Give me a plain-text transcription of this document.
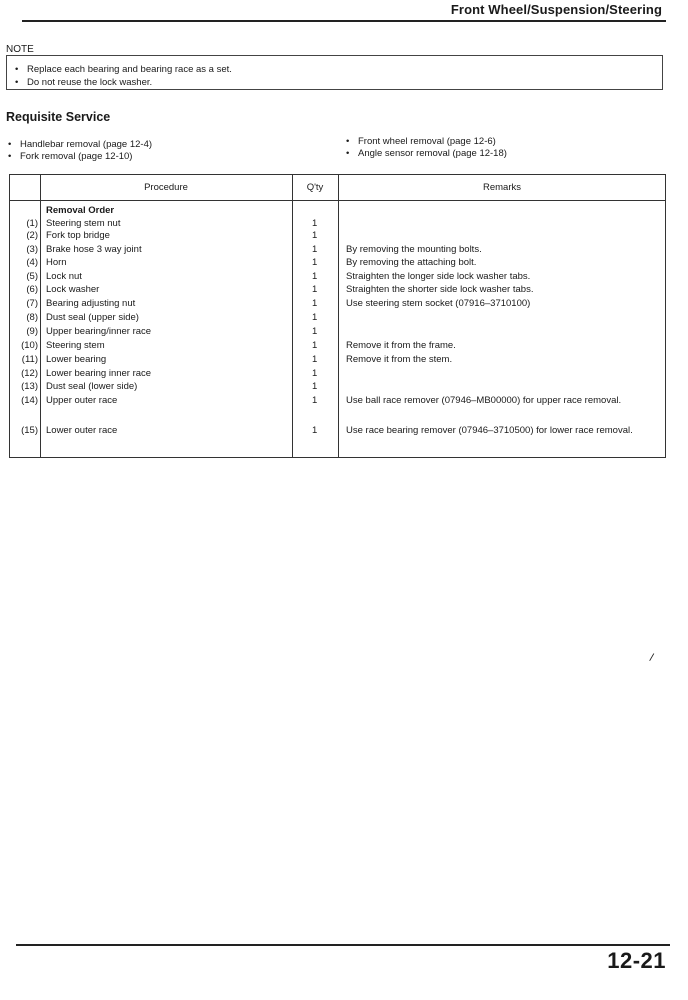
Front Wheel/Suspension/Steering
NOTE
• Replace each bearing and bearing race as a set.
• Do not reuse the lock washer.
Requisite Service
• Handlebar removal (page 12-4)
• Fork removal (page 12-10)
• Front wheel removal (page 12-6)
• Angle sensor removal (page 12-18)
Procedure	Q'ty	Remarks
Removal Order
(1) Steering stem nut	1
(2) Fork top bridge	1
(3) Brake hose 3 way joint	1	By removing the mounting bolts.
(4) Horn	1	By removing the attaching bolt.
(5) Lock nut	1	Straighten the longer side lock washer tabs.
(6) Lock washer	1	Straighten the shorter side lock washer tabs.
(7) Bearing adjusting nut	1	Use steering stem socket (07916–3710100)
(8) Dust seal (upper side)	1
(9) Upper bearing/inner race	1
(10) Steering stem	1	Remove it from the frame.
(11) Lower bearing	1	Remove it from the stem.
(12) Lower bearing inner race	1
(13) Dust seal (lower side)	1
(14) Upper outer race	1	Use ball race remover (07946–MB00000) for upper race removal.
(15) Lower outer race	1	Use race bearing remover (07946–3710500) for lower race removal.
/
12-21
